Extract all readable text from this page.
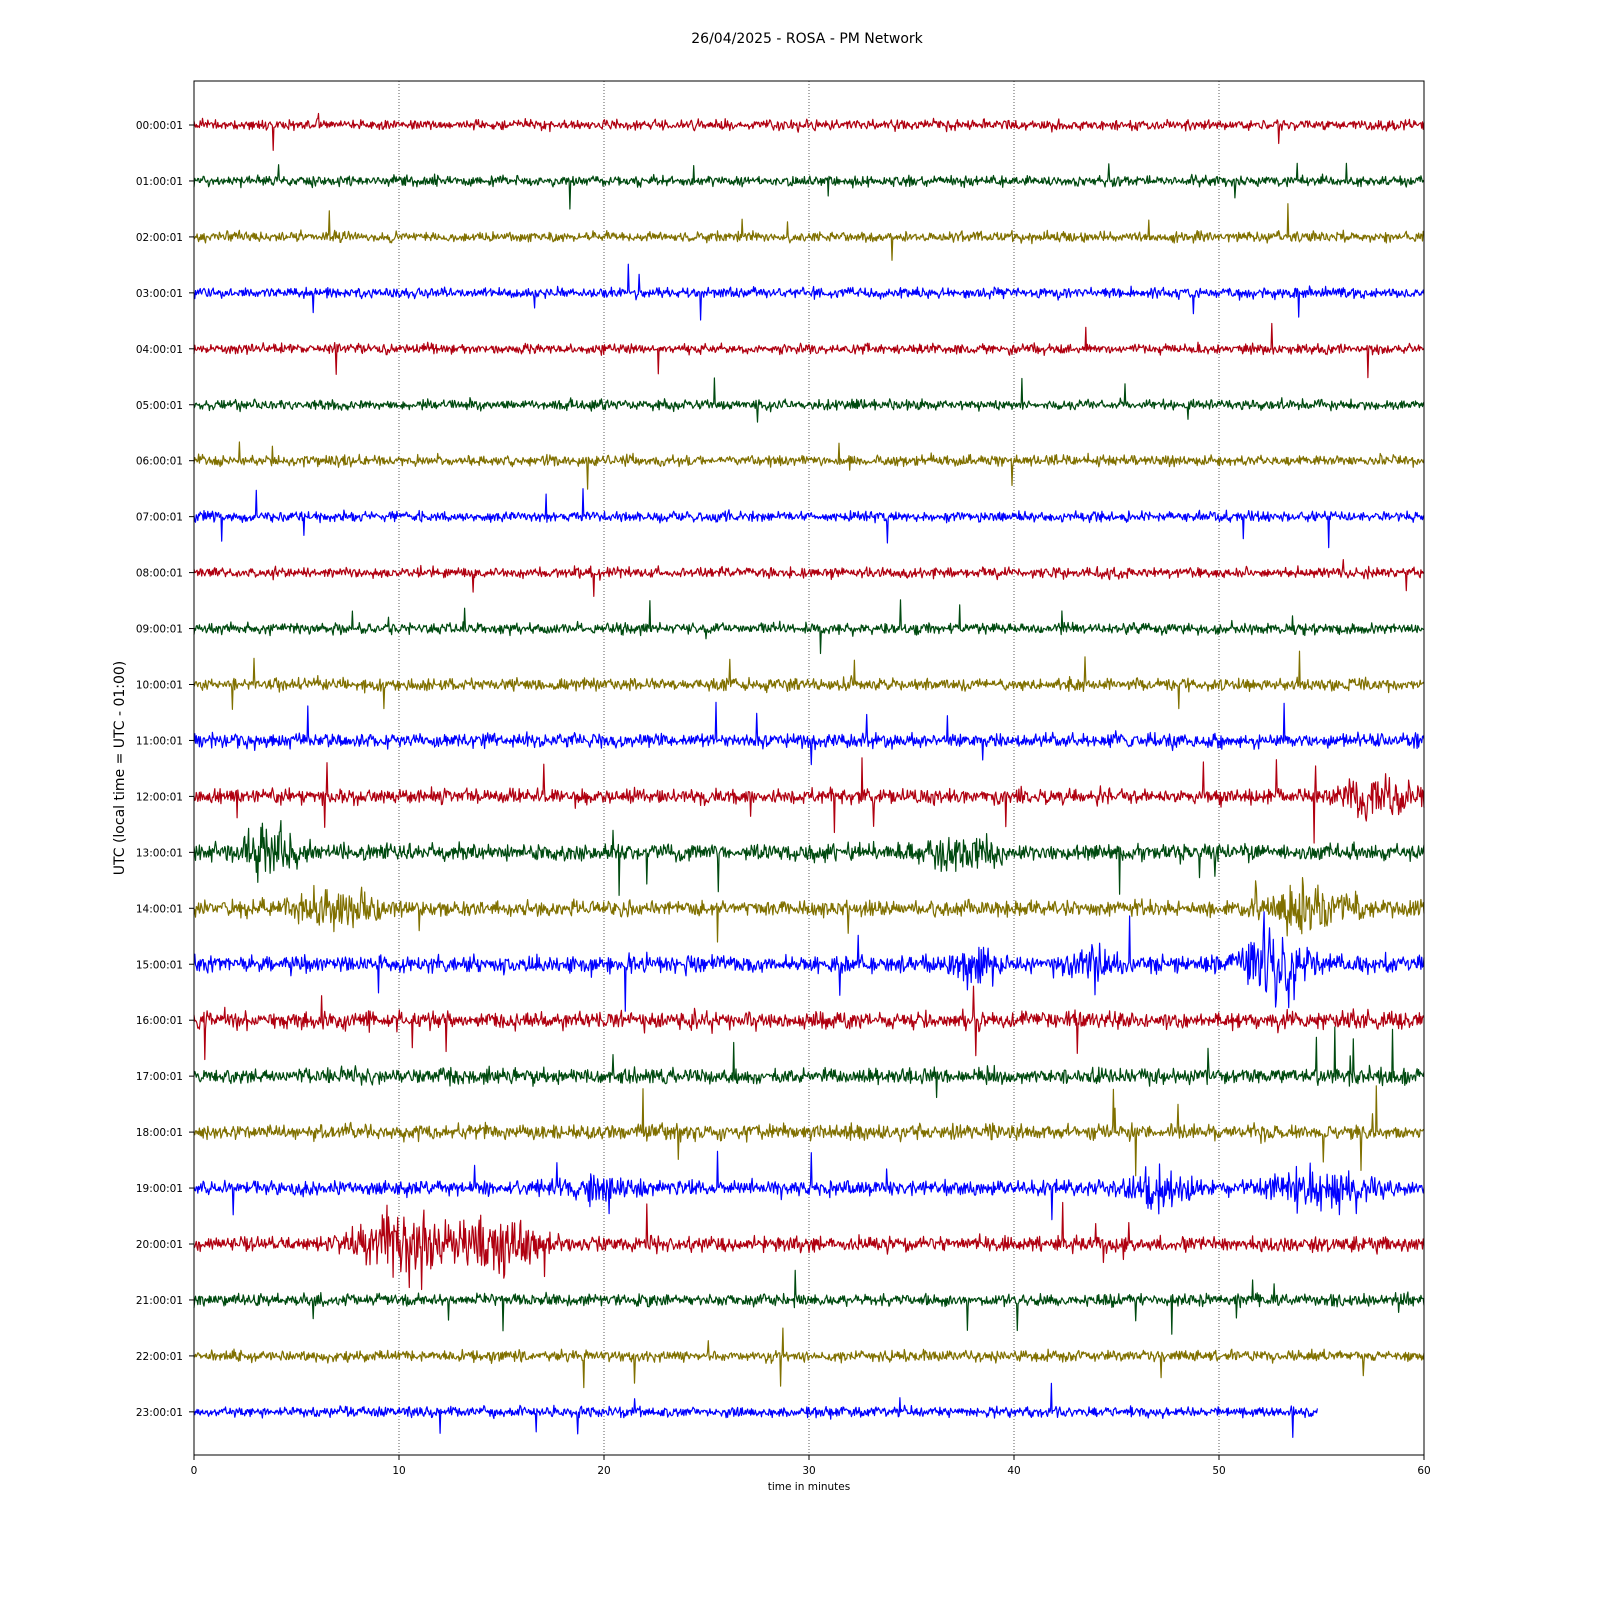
26/04/2025 - ROSA - PM Network
00:00:01
01:00:01
02:00:01
03:00:01
04:00:01
05:00:01
06:00:01
07:00:01
08:00:01
09:00:01
10:00:01
11:00:01
12:00:01
13:00:01
14:00:01
15:00:01
16:00:01
17:00:01
18:00:01
19:00:01
20:00:01
21:00:01
22:00:01
23:00:01
0	10	20	30	40	50	60
time in minutes
UTC (local time = UTC - 01:00)
